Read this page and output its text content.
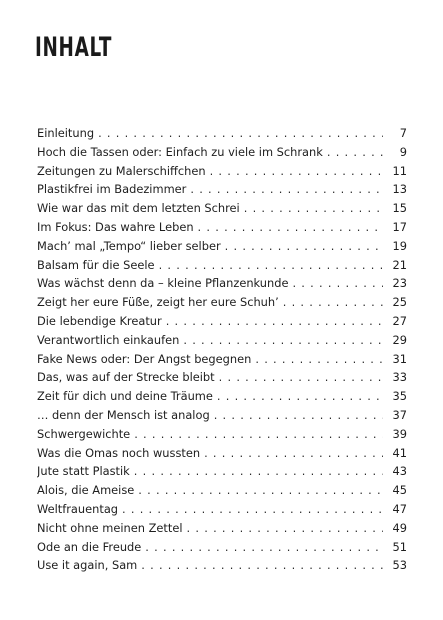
INHALT
Einleitung . . .	7
Hoch die Tassen oder: Einfach zu viele im Schrank . . .	9
Zeitungen zu Malerschiffchen . . .	11
Plastikfrei im Badezimmer . . .	13
Wie war das mit dem letzten Schrei . . .	15
Im Fokus: Das wahre Leben . . .	17
Mach’ mal „Tempo“ lieber selber . . .	19
Balsam für die Seele . . .	21
Was wächst denn da – kleine Pflanzenkunde . . .	23
Zeigt her eure Füße, zeigt her eure Schuh’ . . .	25
Die lebendige Kreatur . . .	27
Verantwortlich einkaufen . . .	29
Fake News oder: Der Angst begegnen . . .	31
Das, was auf der Strecke bleibt . . .	33
Zeit für dich und deine Träume . . .	35
… denn der Mensch ist analog . . .	37
Schwergewichte . . .	39
Was die Omas noch wussten . . .	41
Jute statt Plastik . . .	43
Alois, die Ameise . . .	45
Weltfrauentag . . .	47
Nicht ohne meinen Zettel . . .	49
Ode an die Freude . . .	51
Use it again, Sam . . .	53
